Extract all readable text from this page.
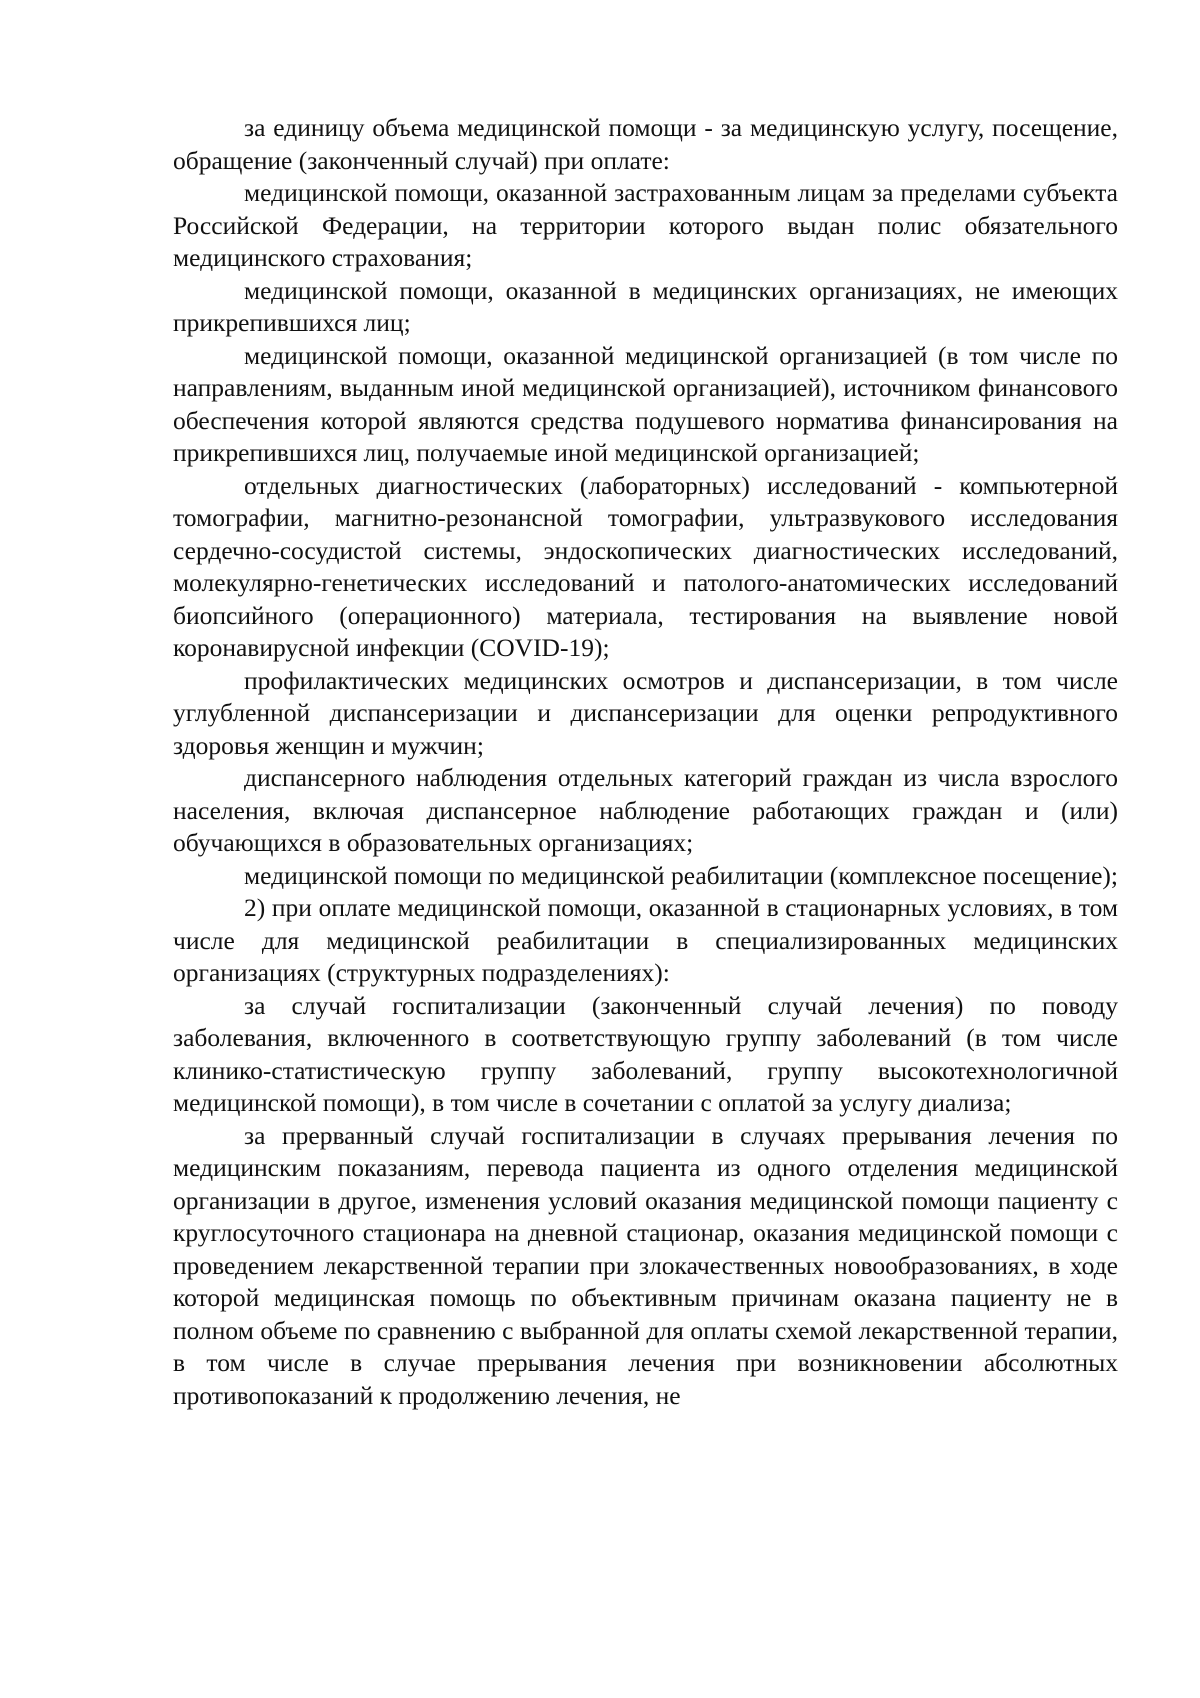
за единицу объема медицинской помощи - за медицинскую услугу, посещение, обращение (законченный случай) при оплате:

медицинской помощи, оказанной застрахованным лицам за пределами субъекта Российской Федерации, на территории которого выдан полис обязательного медицинского страхования;

медицинской помощи, оказанной в медицинских организациях, не имеющих прикрепившихся лиц;

медицинской помощи, оказанной медицинской организацией (в том числе по направлениям, выданным иной медицинской организацией), источником финансового обеспечения которой являются средства подушевого норматива финансирования на прикрепившихся лиц, получаемые иной медицинской организацией;

отдельных диагностических (лабораторных) исследований - компьютерной томографии, магнитно-резонансной томографии, ультразвукового исследования сердечно-сосудистой системы, эндоскопических диагностических исследований, молекулярно-генетических исследований и патолого-анатомических исследований биопсийного (операционного) материала, тестирования на выявление новой коронавирусной инфекции (COVID-19);

профилактических медицинских осмотров и диспансеризации, в том числе углубленной диспансеризации и диспансеризации для оценки репродуктивного здоровья женщин и мужчин;

диспансерного наблюдения отдельных категорий граждан из числа взрослого населения, включая диспансерное наблюдение работающих граждан и (или) обучающихся в образовательных организациях;

медицинской помощи по медицинской реабилитации (комплексное посещение);

2) при оплате медицинской помощи, оказанной в стационарных условиях, в том числе для медицинской реабилитации в специализированных медицинских организациях (структурных подразделениях):

за случай госпитализации (законченный случай лечения) по поводу заболевания, включенного в соответствующую группу заболеваний (в том числе клинико-статистическую группу заболеваний, группу высокотехнологичной медицинской помощи), в том числе в сочетании с оплатой за услугу диализа;

за прерванный случай госпитализации в случаях прерывания лечения по медицинским показаниям, перевода пациента из одного отделения медицинской организации в другое, изменения условий оказания медицинской помощи пациенту с круглосуточного стационара на дневной стационар, оказания медицинской помощи с проведением лекарственной терапии при злокачественных новообразованиях, в ходе которой медицинская помощь по объективным причинам оказана пациенту не в полном объеме по сравнению с выбранной для оплаты схемой лекарственной терапии, в том числе в случае прерывания лечения при возникновении абсолютных противопоказаний к продолжению лечения, не
